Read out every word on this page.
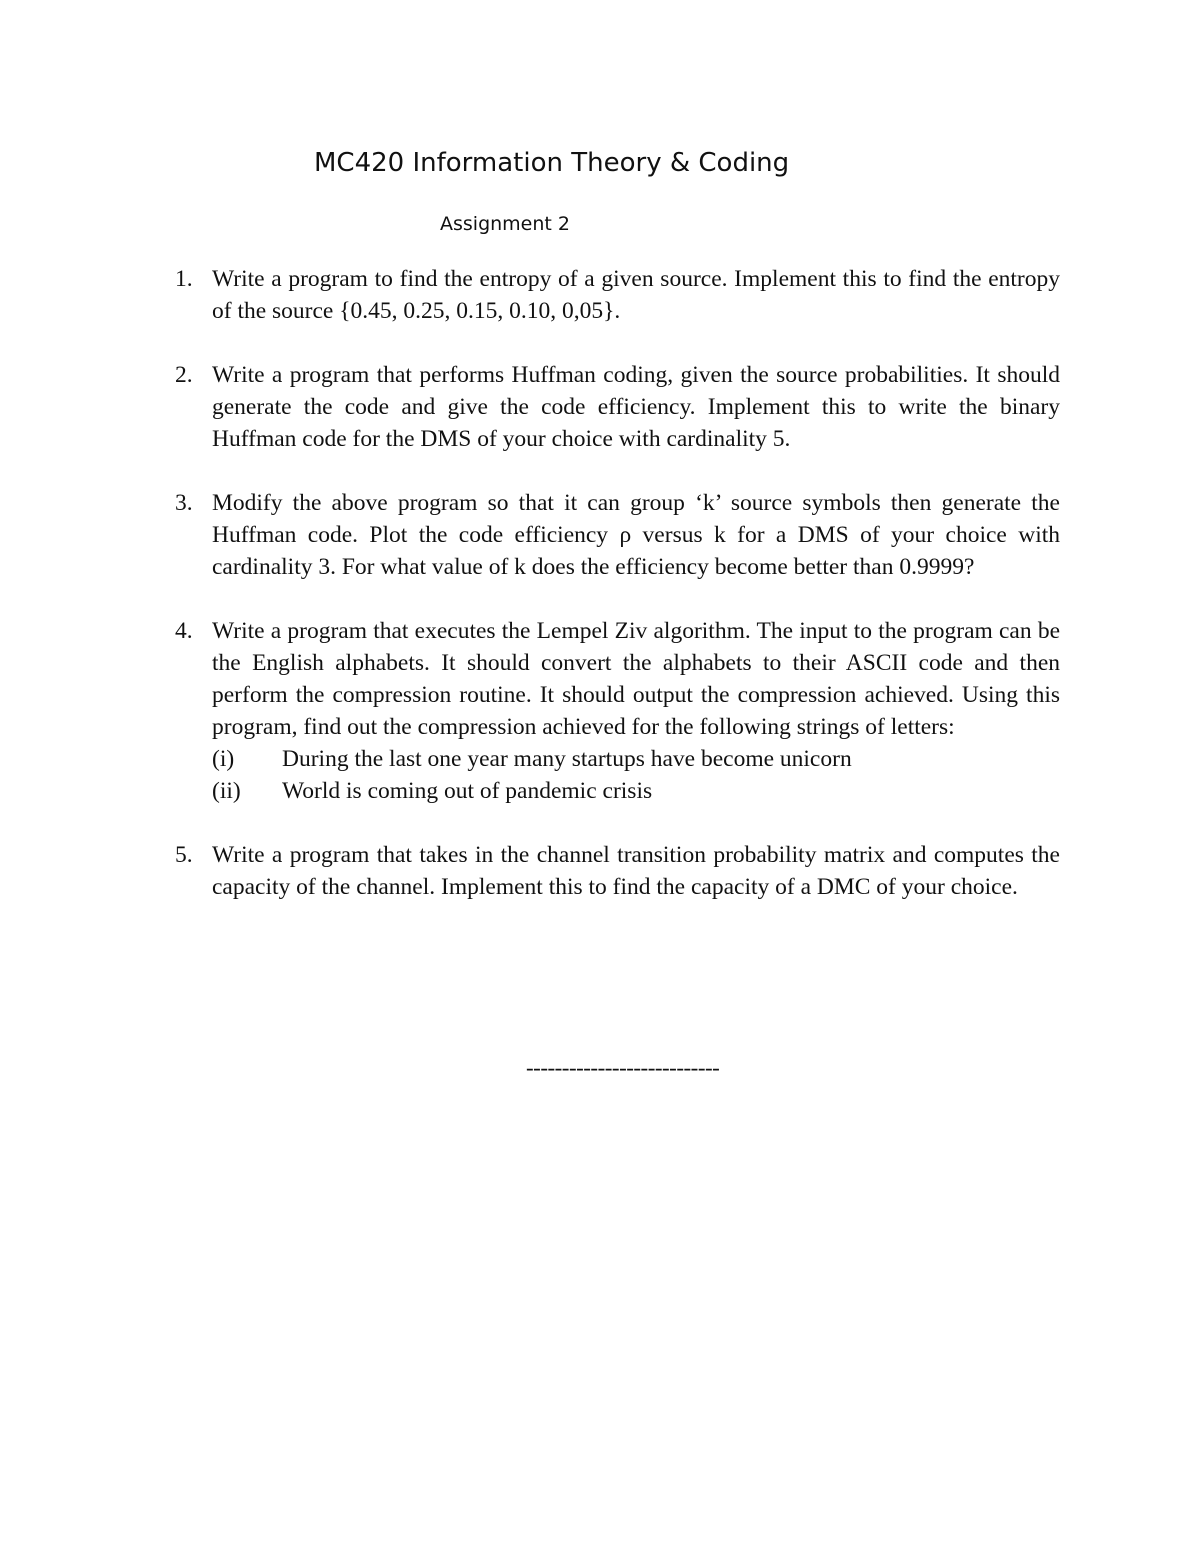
MC420 Information Theory & Coding
Assignment 2
1. Write a program to find the entropy of a given source. Implement this to find the entropy of the source {0.45, 0.25, 0.15, 0.10, 0,05}.
2. Write a program that performs Huffman coding, given the source probabilities. It should generate the code and give the code efficiency. Implement this to write the binary Huffman code for the DMS of your choice with cardinality 5.
3. Modify the above program so that it can group ‘k’ source symbols then generate the Huffman code. Plot the code efficiency ρ versus k for a DMS of your choice with cardinality 3. For what value of k does the efficiency become better than 0.9999?
4. Write a program that executes the Lempel Ziv algorithm. The input to the program can be the English alphabets. It should convert the alphabets to their ASCII code and then perform the compression routine. It should output the compression achieved. Using this program, find out the compression achieved for the following strings of letters:
(i) During the last one year many startups have become unicorn
(ii) World is coming out of pandemic crisis
5. Write a program that takes in the channel transition probability matrix and computes the capacity of the channel. Implement this to find the capacity of a DMC of your choice.
---------------------------
